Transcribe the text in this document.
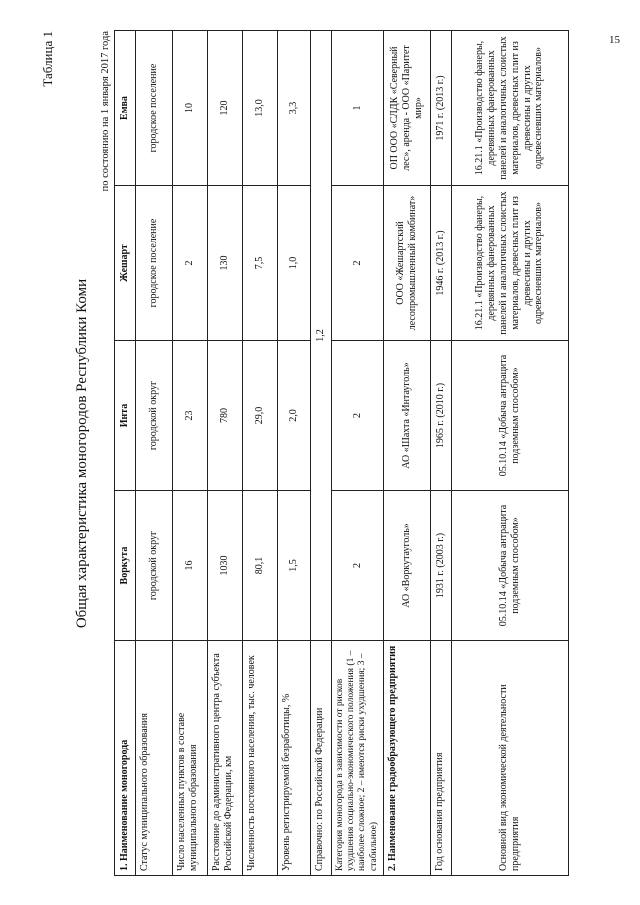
15
Таблица 1
Общая характеристика моногородов Республики Коми
по состоянию на 1 января 2017 года
1. Наименование моногорода	Воркута	Инта	Жешарт	Емва
Статус муниципального образования	городской округ	городской округ	городское поселение	городское поселение
Число населенных пунктов в составе муниципального образования	16	23	2	10
Расстояние до административного центра субъекта Российской Федерации, км	1030	780	130	120
Численность постоянного населения, тыс. человек	80,1	29,0	7,5	13,0
Уровень регистрируемой безработицы, %	1,5	2,0	1,0	3,3
Справочно: по Российской Федерации	1,2			
Категория моногорода в зависимости от рисков ухудшения социально-экономического положения (1 – наиболее сложное; 2 – имеются риски ухудшения; 3 – стабильное)	2	2	2	1
2. Наименование градообразующего предприятия	АО «Воркутауголь»	АО «Шахта «Интауголь»	ООО «Жешартский лесопромышленный комбинат»	ОП ООО «СЛДК «Северный лес», аренда - ООО «Паритет мир»
Год основания предприятия	1931 г. (2003 г.)	1965 г. (2010 г.)	1946 г. (2013 г.)	1971 г. (2013 г.)
Основной вид экономической деятельности предприятия	05.10.14 «Добыча антрацита подземным способом»	05.10.14 «Добыча антрацита подземным способом»	16.21.1 «Производство фанеры, деревянных фанерованных панелей и аналогичных слоистых материалов, древесных плит из древесины и других одревесневших материалов»	16.21.1 «Производство фанеры, деревянных фанерованных панелей и аналогичных слоистых материалов, древесных плит из древесины и других одревесневших материалов»
